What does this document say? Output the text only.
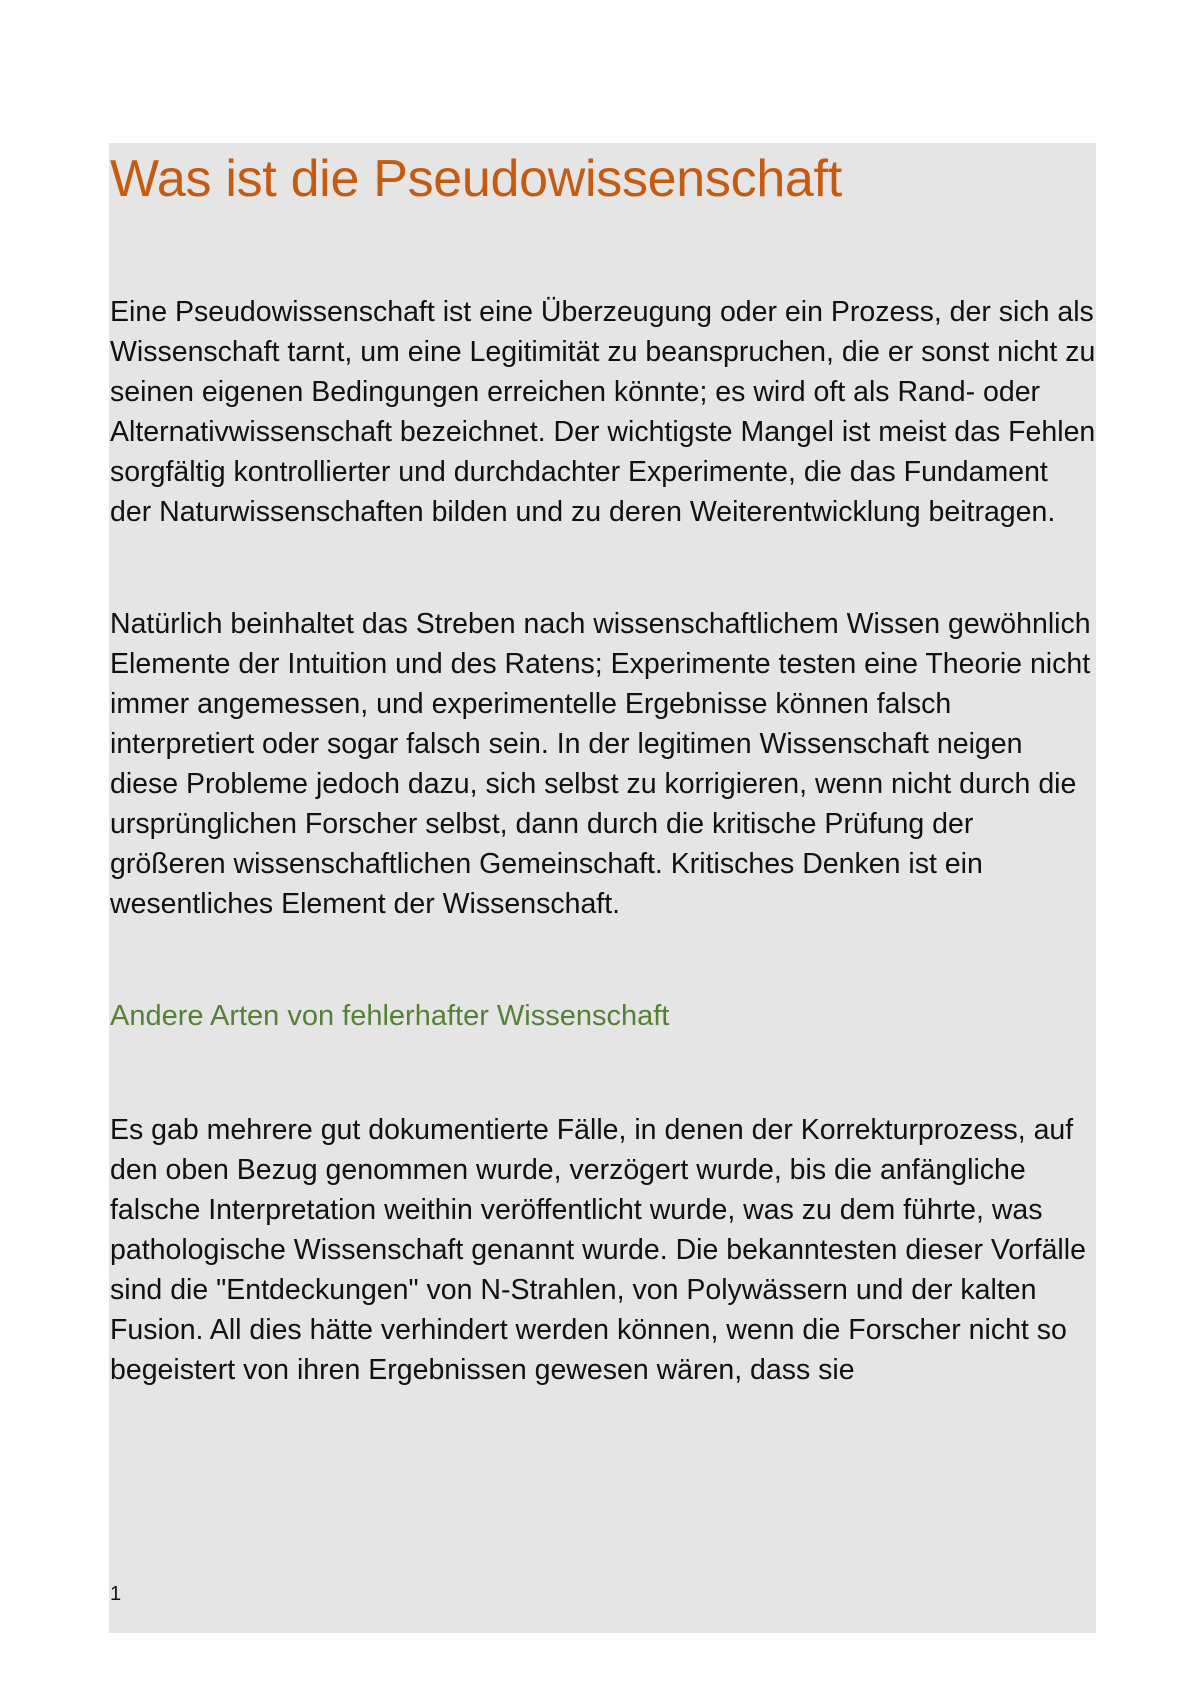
Was ist die Pseudowissenschaft

Eine Pseudowissenschaft ist eine Überzeugung oder ein Prozess, der sich als Wissenschaft tarnt, um eine Legitimität zu beanspruchen, die er sonst nicht zu seinen eigenen Bedingungen erreichen könnte; es wird oft als Rand- oder Alternativwissenschaft bezeichnet. Der wichtigste Mangel ist meist das Fehlen sorgfältig kontrollierter und durchdachter Experimente, die das Fundament der Naturwissenschaften bilden und zu deren Weiterentwicklung beitragen.

Natürlich beinhaltet das Streben nach wissenschaftlichem Wissen gewöhnlich Elemente der Intuition und des Ratens; Experimente testen eine Theorie nicht immer angemessen, und experimentelle Ergebnisse können falsch interpretiert oder sogar falsch sein. In der legitimen Wissenschaft neigen diese Probleme jedoch dazu, sich selbst zu korrigieren, wenn nicht durch die ursprünglichen Forscher selbst, dann durch die kritische Prüfung der größeren wissenschaftlichen Gemeinschaft. Kritisches Denken ist ein wesentliches Element der Wissenschaft.

Andere Arten von fehlerhafter Wissenschaft

Es gab mehrere gut dokumentierte Fälle, in denen der Korrekturprozess, auf den oben Bezug genommen wurde, verzögert wurde, bis die anfängliche falsche Interpretation weithin veröffentlicht wurde, was zu dem führte, was pathologische Wissenschaft genannt wurde. Die bekanntesten dieser Vorfälle sind die "Entdeckungen" von N-Strahlen, von Polywässern und der kalten Fusion. All dies hätte verhindert werden können, wenn die Forscher nicht so begeistert von ihren Ergebnissen gewesen wären, dass sie

1
